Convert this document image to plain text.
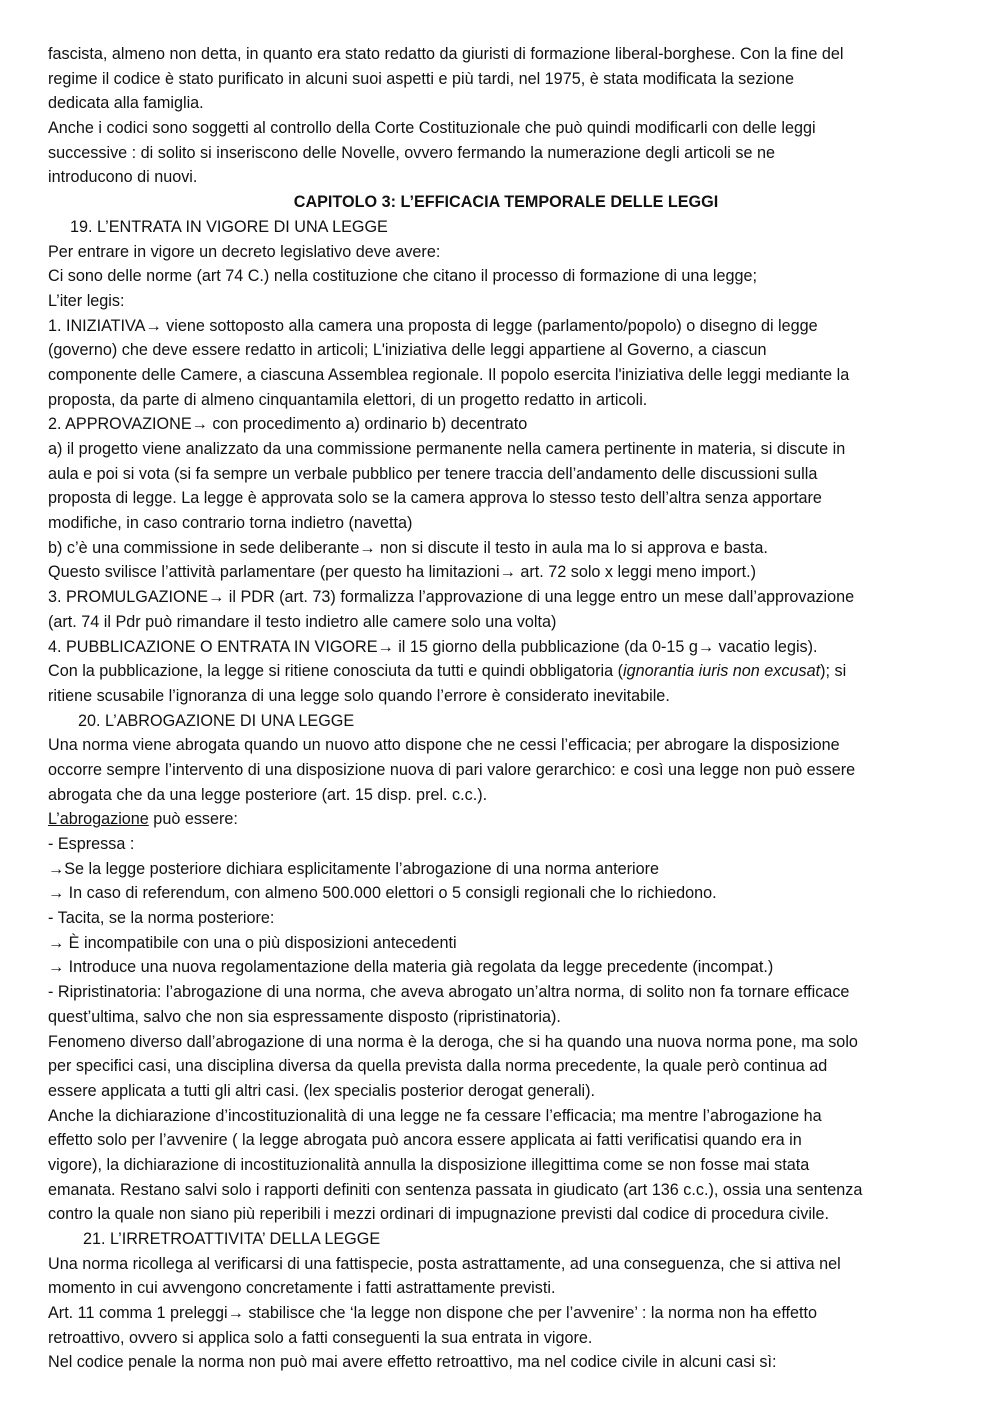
fascista, almeno non detta, in quanto era stato redatto da giuristi di formazione liberal-borghese. Con la fine del
regime il codice è stato purificato in alcuni suoi aspetti e più tardi, nel 1975, è stata modificata la sezione
dedicata alla famiglia.
Anche i codici sono soggetti al controllo della Corte Costituzionale che può quindi modificarli con delle leggi
successive : di solito si inseriscono delle Novelle, ovvero fermando la numerazione degli articoli se ne
introducono di nuovi.
CAPITOLO 3: L’EFFICACIA TEMPORALE DELLE LEGGI
19. L’ENTRATA IN VIGORE DI UNA LEGGE
Per entrare in vigore un decreto legislativo deve avere:
Ci sono delle norme (art 74 C.) nella costituzione che citano il processo di formazione di una legge;
L’iter legis:
1. INIZIATIVA→ viene sottoposto alla camera una proposta di legge (parlamento/popolo) o disegno di legge
(governo) che deve essere redatto in articoli; L'iniziativa delle leggi appartiene al Governo, a ciascun
componente delle Camere, a ciascuna Assemblea regionale. Il popolo esercita l'iniziativa delle leggi mediante la
proposta, da parte di almeno cinquantamila elettori, di un progetto redatto in articoli.
2. APPROVAZIONE→ con procedimento a) ordinario b) decentrato
a) il progetto viene analizzato da una commissione permanente nella camera pertinente in materia, si discute in
aula e poi si vota (si fa sempre un verbale pubblico per tenere traccia dell’andamento delle discussioni sulla
proposta di legge. La legge è approvata solo se la camera approva lo stesso testo dell’altra senza apportare
modifiche, in caso contrario torna indietro (navetta)
b) c’è una commissione in sede deliberante→ non si discute il testo in aula ma lo si approva e basta.
Questo svilisce l’attività parlamentare (per questo ha limitazioni→ art. 72 solo x leggi meno import.)
3. PROMULGAZIONE→ il PDR (art. 73) formalizza l’approvazione di una legge entro un mese dall’approvazione
(art. 74 il Pdr può rimandare il testo indietro alle camere solo una volta)
4. PUBBLICAZIONE O ENTRATA IN VIGORE→ il 15 giorno della pubblicazione (da 0-15 g→ vacatio legis).
Con la pubblicazione, la legge si ritiene conosciuta da tutti e quindi obbligatoria (ignorantia iuris non excusat); si
ritiene scusabile l’ignoranza di una legge solo quando l’errore è considerato inevitabile.
20. L’ABROGAZIONE DI UNA LEGGE
Una norma viene abrogata quando un nuovo atto dispone che ne cessi l’efficacia; per abrogare la disposizione
occorre sempre l’intervento di una disposizione nuova di pari valore gerarchico: e così una legge non può essere
abrogata che da una legge posteriore (art. 15 disp. prel. c.c.).
L’abrogazione può essere:
- Espressa :
→Se la legge posteriore dichiara esplicitamente l’abrogazione di una norma anteriore
→ In caso di referendum, con almeno 500.000 elettori o 5 consigli regionali che lo richiedono.
- Tacita, se la norma posteriore:
→ È incompatibile con una o più disposizioni antecedenti
→ Introduce una nuova regolamentazione della materia già regolata da legge precedente (incompat.)
- Ripristinatoria: l’abrogazione di una norma, che aveva abrogato un’altra norma, di solito non fa tornare efficace
quest’ultima, salvo che non sia espressamente disposto (ripristinatoria).
Fenomeno diverso dall’abrogazione di una norma è la deroga, che si ha quando una nuova norma pone, ma solo
per specifici casi, una disciplina diversa da quella prevista dalla norma precedente, la quale però continua ad
essere applicata a tutti gli altri casi. (lex specialis posterior derogat generali).
Anche la dichiarazione d’incostituzionalità di una legge ne fa cessare l’efficacia; ma mentre l’abrogazione ha
effetto solo per l’avvenire ( la legge abrogata può ancora essere applicata ai fatti verificatisi quando era in
vigore), la dichiarazione di incostituzionalità annulla la disposizione illegittima come se non fosse mai stata
emanata. Restano salvi solo i rapporti definiti con sentenza passata in giudicato (art 136 c.c.), ossia una sentenza
contro la quale non siano più reperibili i mezzi ordinari di impugnazione previsti dal codice di procedura civile.
21. L’IRRETROATTIVITA’ DELLA LEGGE
Una norma ricollega al verificarsi di una fattispecie, posta astrattamente, ad una conseguenza, che si attiva nel
momento in cui avvengono concretamente i fatti astrattamente previsti.
Art. 11 comma 1 preleggi→ stabilisce che ‘la legge non dispone che per l’avvenire’ : la norma non ha effetto
retroattivo, ovvero si applica solo a fatti conseguenti la sua entrata in vigore.
Nel codice penale la norma non può mai avere effetto retroattivo, ma nel codice civile in alcuni casi sì:
